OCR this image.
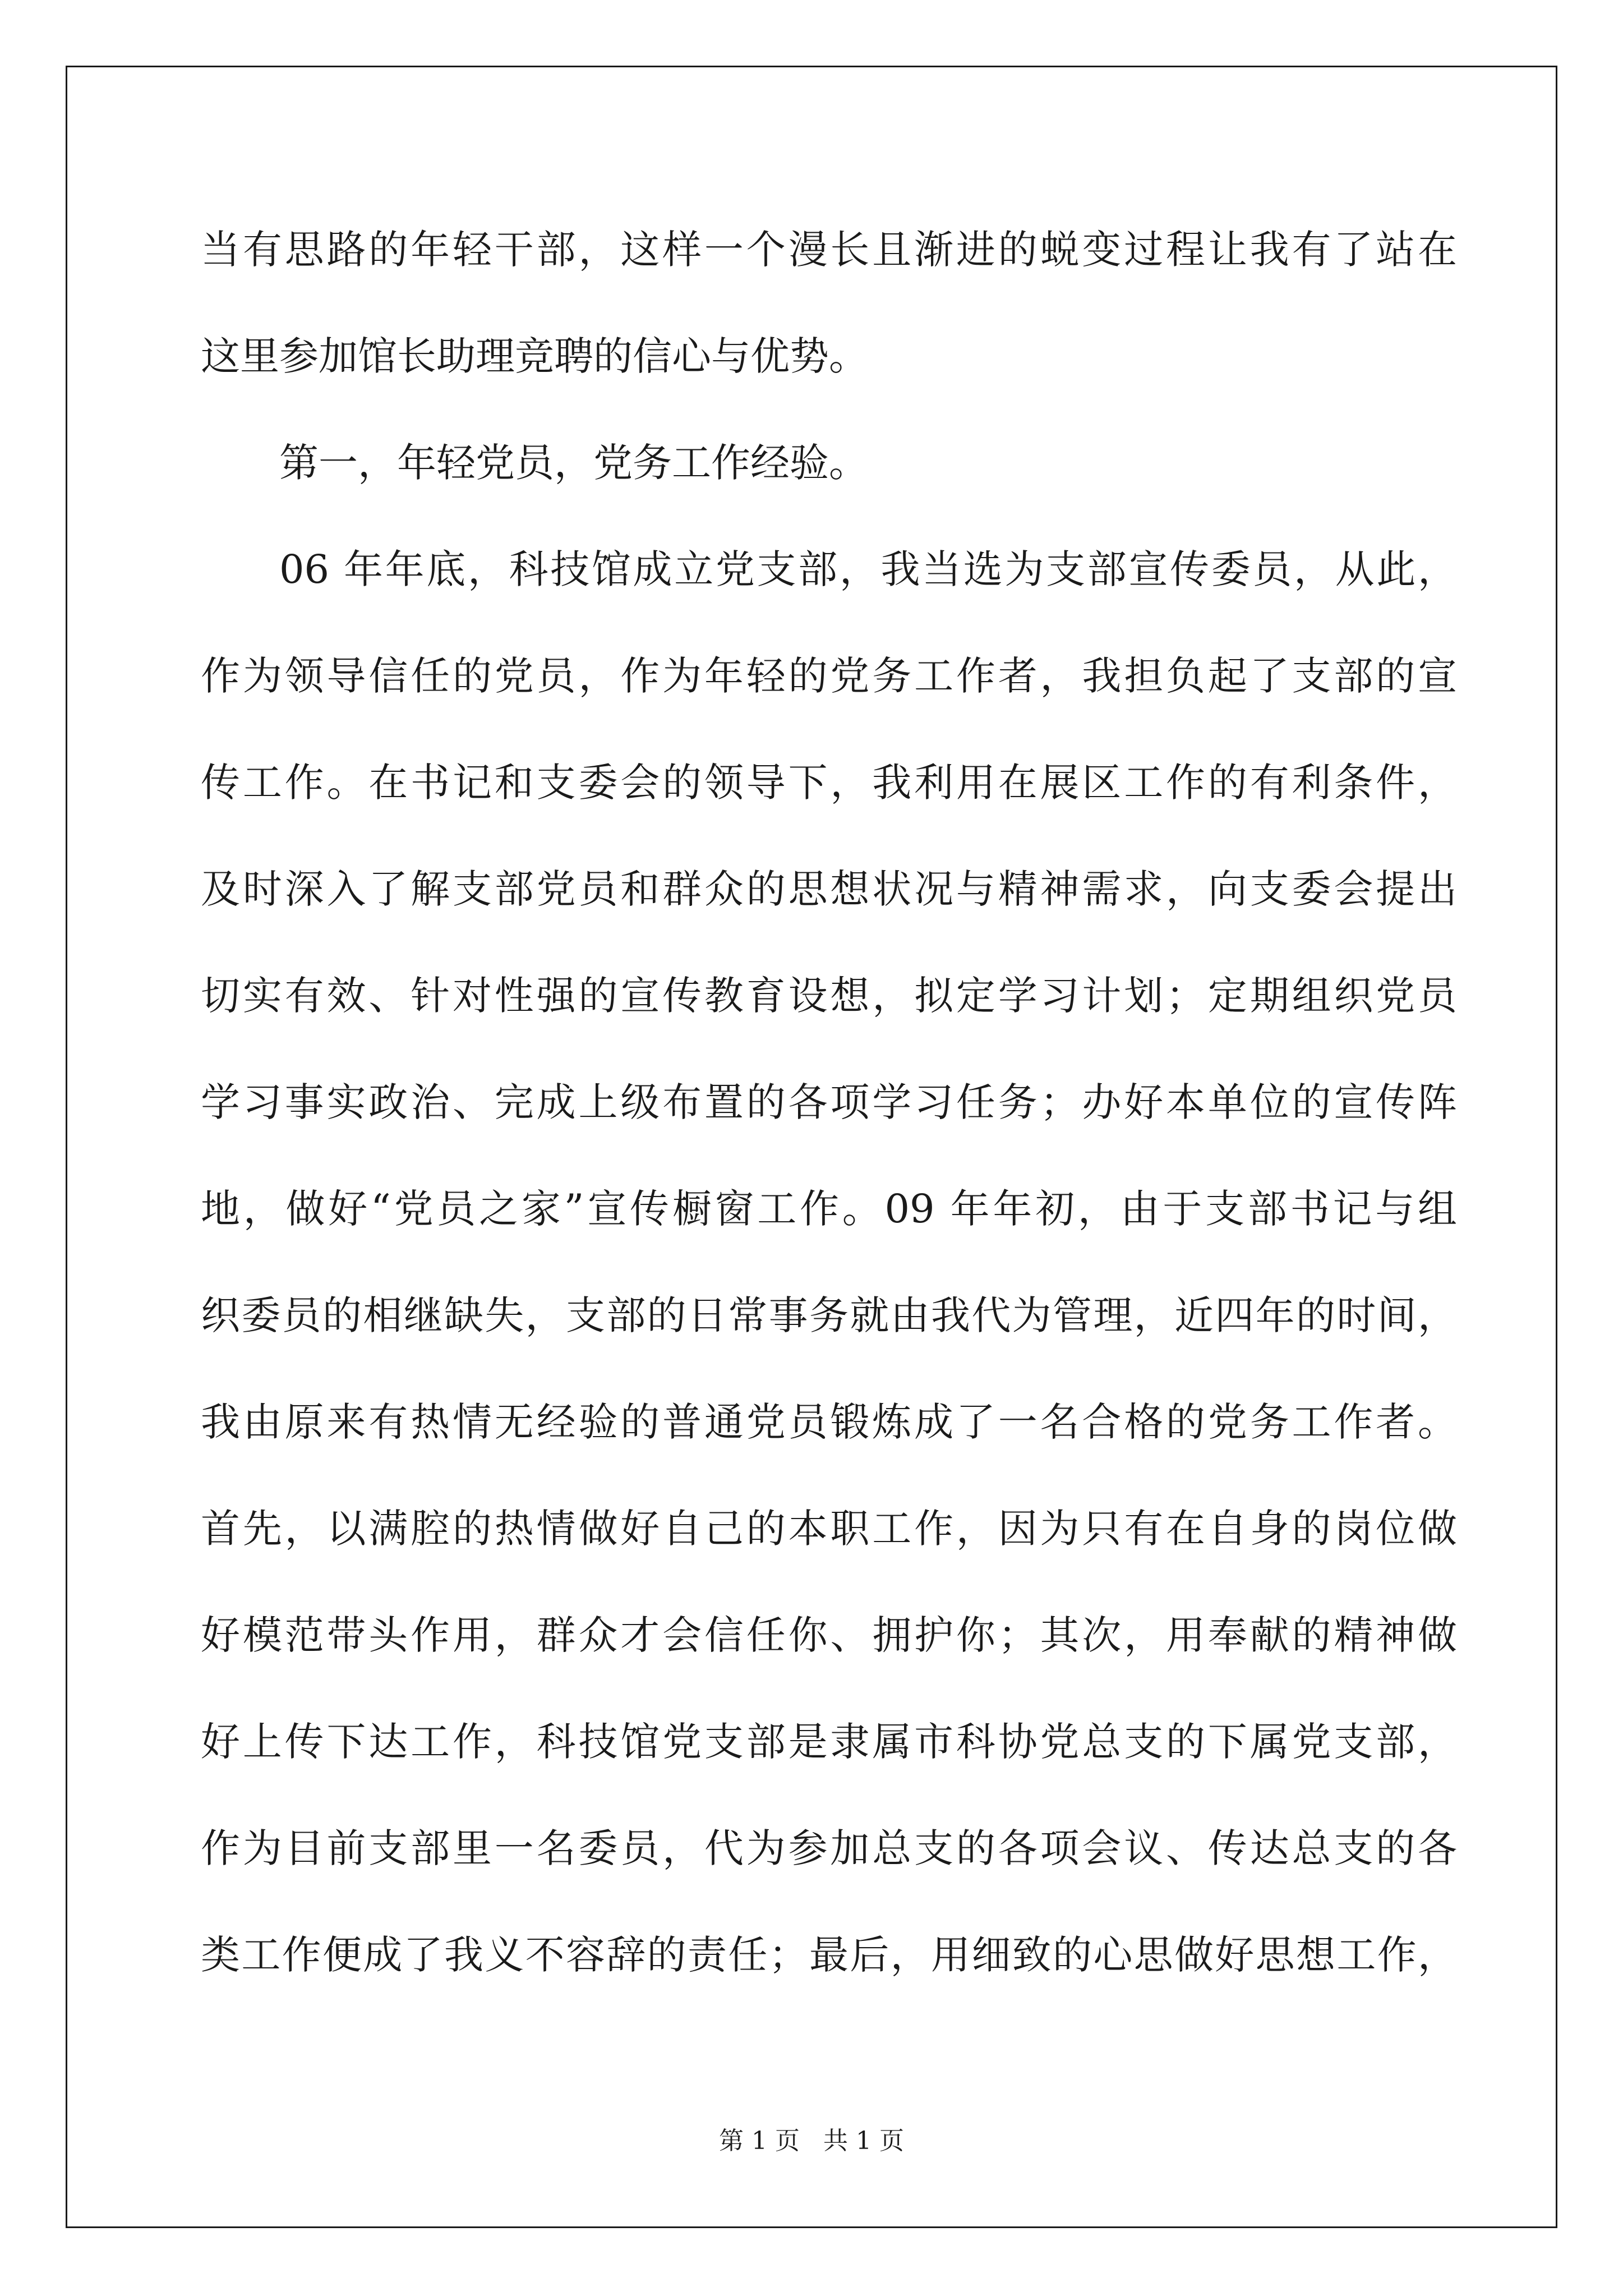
当有思路的年轻干部，这样一个漫长且渐进的蜕变过程让我有了站在
这里参加馆长助理竞聘的信心与优势。
第一，年轻党员，党务工作经验。
06 年年底，科技馆成立党支部，我当选为支部宣传委员，从此，
作为领导信任的党员，作为年轻的党务工作者，我担负起了支部的宣
传工作。在书记和支委会的领导下，我利用在展区工作的有利条件，
及时深入了解支部党员和群众的思想状况与精神需求，向支委会提出
切实有效、针对性强的宣传教育设想，拟定学习计划；定期组织党员
学习事实政治、完成上级布置的各项学习任务；办好本单位的宣传阵
地，做好“党员之家”宣传橱窗工作。09 年年初，由于支部书记与组
织委员的相继缺失，支部的日常事务就由我代为管理，近四年的时间，
我由原来有热情无经验的普通党员锻炼成了一名合格的党务工作者。
首先，以满腔的热情做好自己的本职工作，因为只有在自身的岗位做
好模范带头作用，群众才会信任你、拥护你；其次，用奉献的精神做
好上传下达工作，科技馆党支部是隶属市科协党总支的下属党支部，
作为目前支部里一名委员，代为参加总支的各项会议、传达总支的各
类工作便成了我义不容辞的责任；最后，用细致的心思做好思想工作，
第 1 页   共 1 页
